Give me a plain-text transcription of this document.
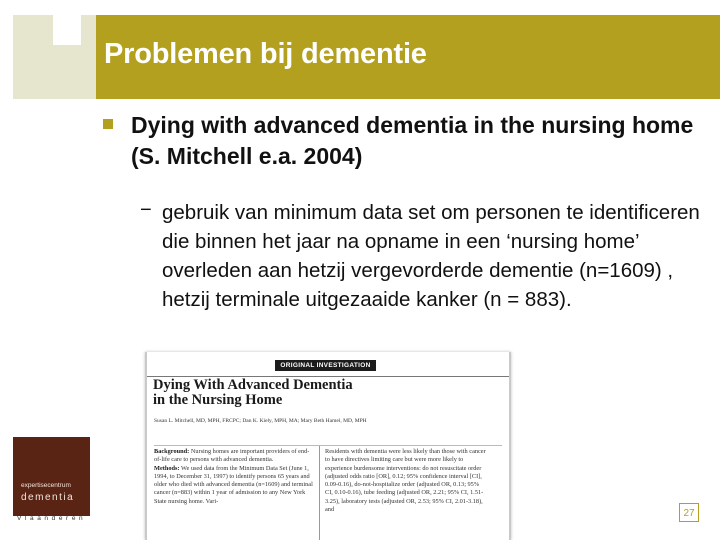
Problemen bij dementie
Dying with advanced dementia in the nursing home (S. Mitchell e.a. 2004)
− gebruik van minimum data set om personen te identificeren die binnen het jaar na opname in een ‘nursing home’ overleden aan hetzij vergevorderde dementie (n=1609) , hetzij terminale uitgezaaide kanker (n = 883).
ORIGINAL INVESTIGATION
Dying With Advanced Dementia
in the Nursing Home
Susan L. Mitchell, MD, MPH, FRCPC; Dan K. Kiely, MPH, MA; Mary Beth Hamel, MD, MPH
Background: Nursing homes are important providers of end-of-life care to persons with advanced dementia.
Methods: We used data from the Minimum Data Set (June 1, 1994, to December 31, 1997) to identify persons 65 years and older who died with advanced dementia (n=1609) and terminal cancer (n=883) within 1 year of admission to any New York State nursing home. Vari-
Residents with dementia were less likely than those with cancer to have directives limiting care but were more likely to experience burdensome interventions: do not resuscitate order (adjusted odds ratio [OR], 0.12; 95% confidence interval [CI], 0.09-0.16), do-not-hospitalize order (adjusted OR, 0.13; 95% CI, 0.10-0.16), tube feeding (adjusted OR, 2.21; 95% CI, 1.51-3.25), laboratory tests (adjusted OR, 2.53; 95% CI, 2.01-3.18), and
expertisecentrum
dementia
Vlaanderen	27
